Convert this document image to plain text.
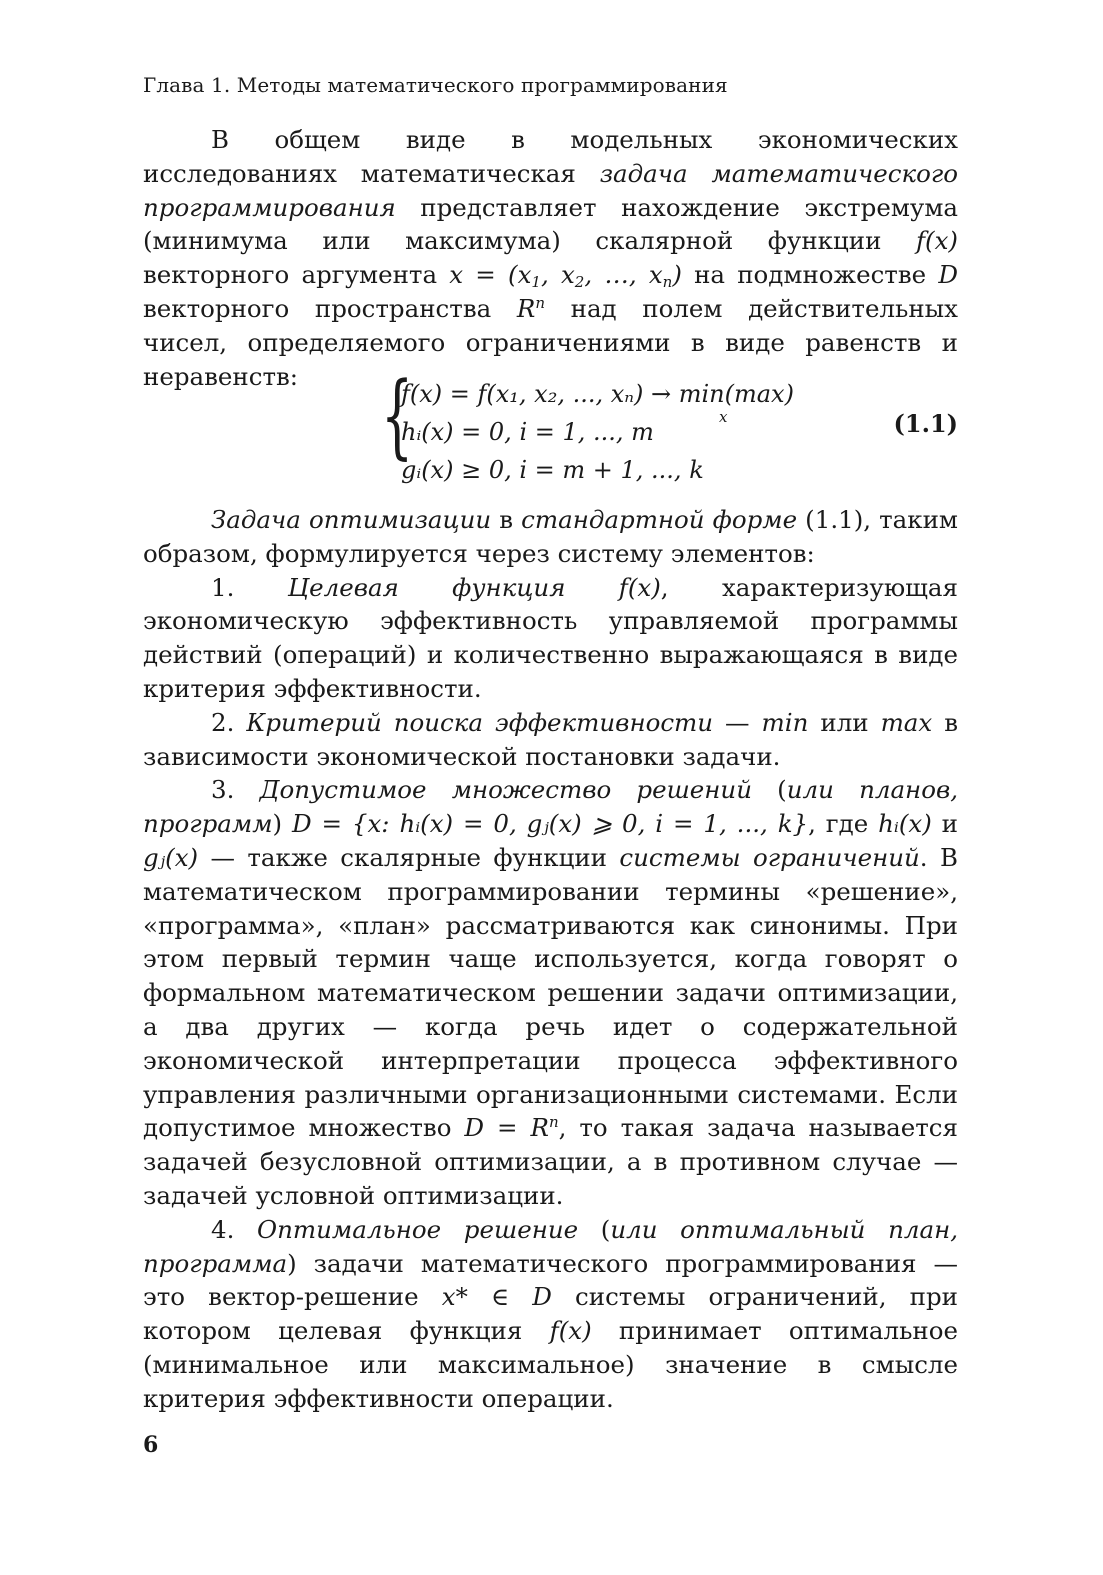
Глава 1. Методы математического программирования

В общем виде в модельных экономических исследованиях математическая задача математического программирования представляет нахождение экстремума (минимума или максимума) скалярной функции f(x) векторного аргумента $x = (x_1$, $x_2$, …, $x_n$) на подмножестве D векторного пространства $R^n$ над полем действительных чисел, определяемого ограничениями в виде равенств и неравенств: {
f(x) = f(x₁, x₂, ..., xₙ) → min(max)
x
hᵢ(x) = 0, i = 1, ..., m
gᵢ(x) ≥ 0, i = m + 1, ..., k
(1.1)

Задача оптимизации в стандартной форме (1.1), таким образом, формулируется через систему элементов:

1. Целевая функция f(x), характеризующая экономическую эффективность управляемой программы действий (операций) и количественно выражающаяся в виде критерия эффективности.

2. Критерий поиска эффективности — min или max в зависимости экономической постановки задачи.

3. Допустимое множество решений (или планов, программ) D = {x: hᵢ(x) = 0, gⱼ(x) ⩾ 0, i = 1, ..., k}, где hᵢ(x) и gⱼ(x) — также скалярные функции системы ограничений. В математическом программировании термины «решение», «программа», «план» рассматриваются как синонимы. При этом первый термин чаще используется, когда говорят о формальном математическом решении задачи оптимизации, а два других — когда речь идет о содержательной экономической интерпретации процесса эффективного управления различными организационными системами. Если допустимое множество $D = R^n$, то такая задача называется задачей безусловной оптимизации, а в противном случае — задачей условной оптимизации.

4. Оптимальное решение (или оптимальный план, программа) задачи математического программирования — это вектор-решение x* ∈ D системы ограничений, при котором целевая функция f(x) принимает оптимальное (минимальное или максимальное) значение в смысле критерия эффективности операции.

6
